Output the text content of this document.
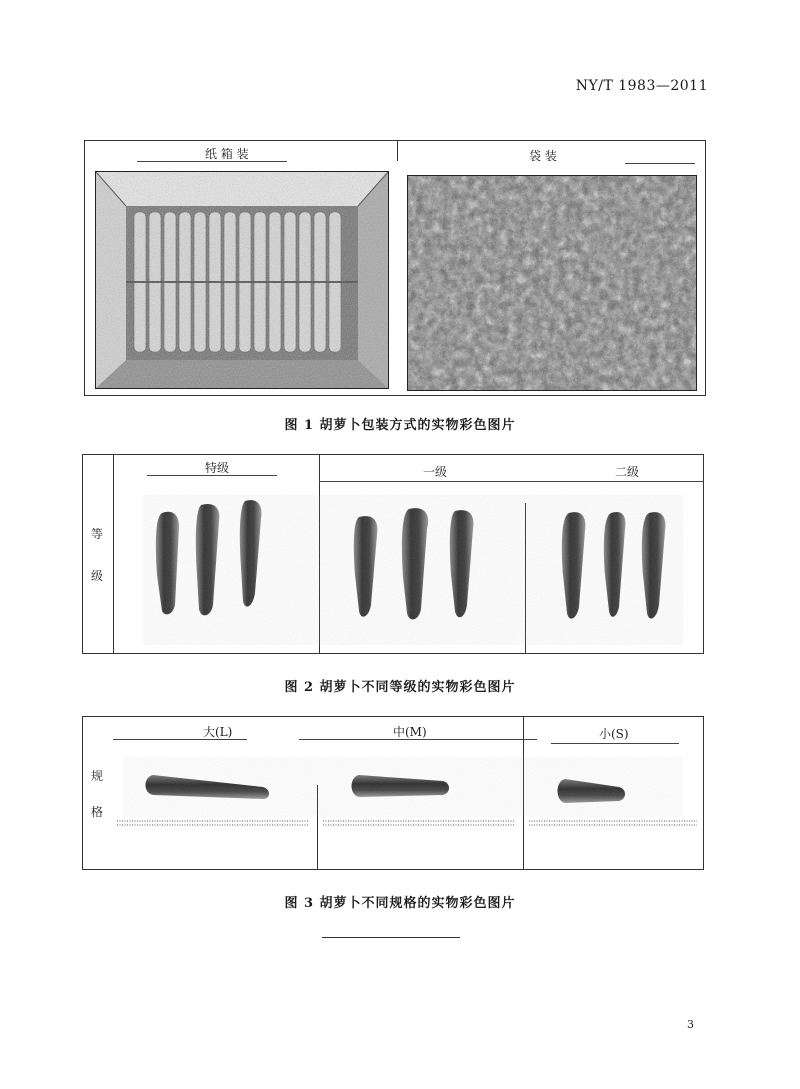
NY/T 1983—2011
纸 箱 装	袋 装
图 1 胡萝卜包装方式的实物彩色图片
等
级
特级	一级	二级
图 2 胡萝卜不同等级的实物彩色图片
规
格
大(L)	中(M)	小(S)
图 3 胡萝卜不同规格的实物彩色图片
3
